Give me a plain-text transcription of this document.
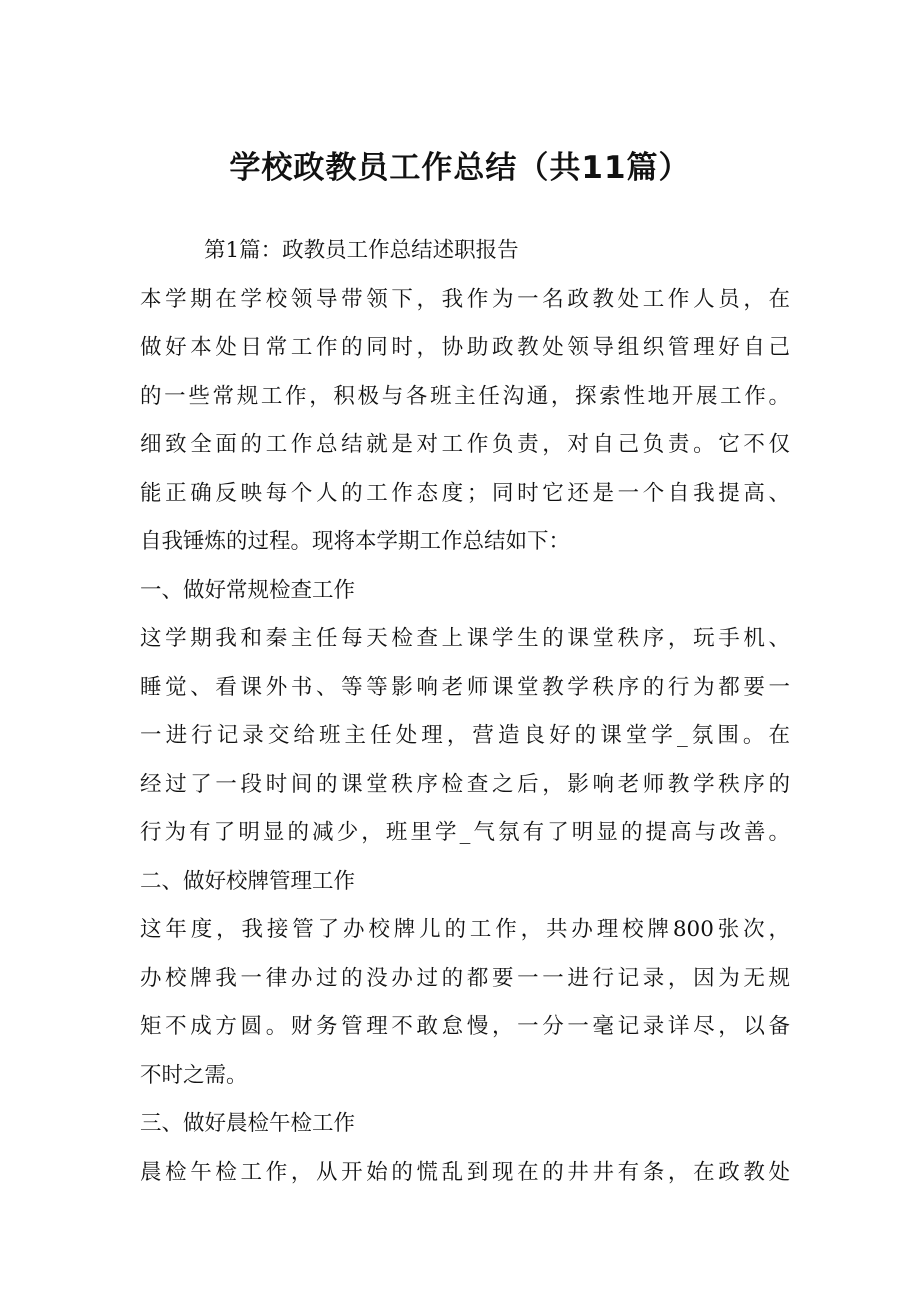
学校政教员工作总结（共11篇）
第1篇：政教员工作总结述职报告
本学期在学校领导带领下，我作为一名政教处工作人员，在
做好本处日常工作的同时，协助政教处领导组织管理好自己
的一些常规工作，积极与各班主任沟通，探索性地开展工作。
细致全面的工作总结就是对工作负责，对自己负责。它不仅
能正确反映每个人的工作态度；同时它还是一个自我提高、
自我锤炼的过程。现将本学期工作总结如下：
一、做好常规检查工作
这学期我和秦主任每天检查上课学生的课堂秩序，玩手机、
睡觉、看课外书、等等影响老师课堂教学秩序的行为都要一
一进行记录交给班主任处理，营造良好的课堂学_氛围。在
经过了一段时间的课堂秩序检查之后，影响老师教学秩序的
行为有了明显的减少，班里学_气氛有了明显的提高与改善。
二、做好校牌管理工作
这年度，我接管了办校牌儿的工作，共办理校牌800张次，
办校牌我一律办过的没办过的都要一一进行记录，因为无规
矩不成方圆。财务管理不敢怠慢，一分一毫记录详尽，以备
不时之需。
三、做好晨检午检工作
晨检午检工作，从开始的慌乱到现在的井井有条，在政教处
